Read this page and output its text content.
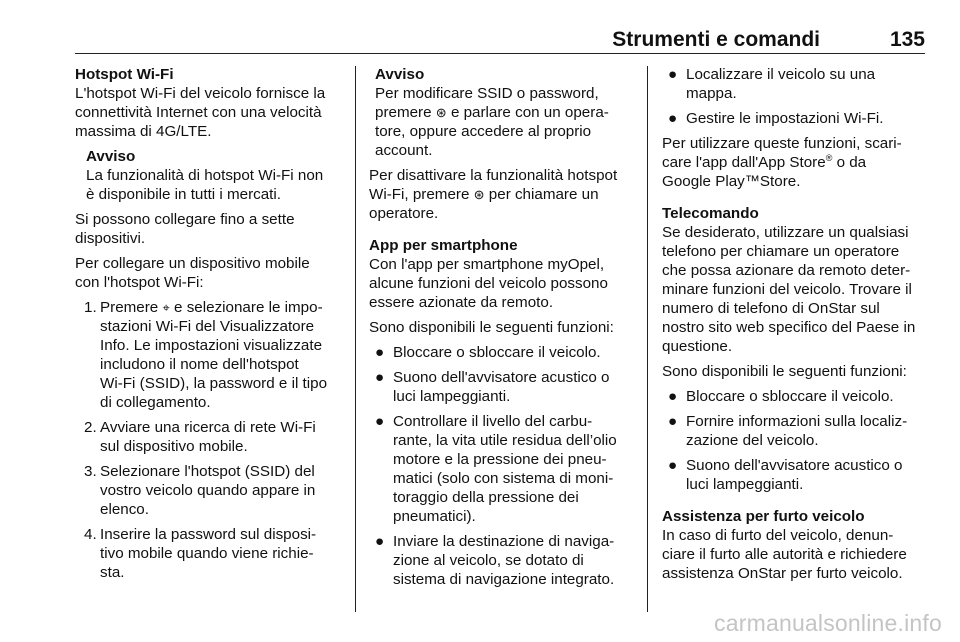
Strumenti e comandi	135

Hotspot Wi-Fi

L'hotspot Wi-Fi del veicolo fornisce la

connettività Internet con una velocità

massima di 4G/LTE.

Avviso

La funzionalità di hotspot Wi-Fi non

è disponibile in tutti i mercati.

Si possono collegare fino a sette

dispositivi.

Per collegare un dispositivo mobile

con l'hotspot Wi-Fi:

1. Premere ⌖ e selezionare le impo-

stazioni Wi-Fi del Visualizzatore

Info. Le impostazioni visualizzate

includono il nome dell'hotspot

Wi-Fi (SSID), la password e il tipo

di collegamento.

2. Avviare una ricerca di rete Wi-Fi

sul dispositivo mobile.

3. Selezionare l'hotspot (SSID) del

vostro veicolo quando appare in

elenco.

4. Inserire la password sul disposi-

tivo mobile quando viene richie-

sta.

Avviso

Per modificare SSID o password,

premere ⊛ e parlare con un opera-

tore, oppure accedere al proprio

account.

Per disattivare la funzionalità hotspot

Wi-Fi, premere ⊛ per chiamare un

operatore.

App per smartphone

Con l'app per smartphone myOpel,

alcune funzioni del veicolo possono

essere azionate da remoto.

Sono disponibili le seguenti funzioni:

● Bloccare o sbloccare il veicolo.

● Suono dell'avvisatore acustico o

luci lampeggianti.

● Controllare il livello del carbu-

rante, la vita utile residua dell’olio

motore e la pressione dei pneu-

matici (solo con sistema di moni-

toraggio della pressione dei

pneumatici).

● Inviare la destinazione di naviga-

zione al veicolo, se dotato di

sistema di navigazione integrato.

● Localizzare il veicolo su una

mappa.

● Gestire le impostazioni Wi-Fi.

Per utilizzare queste funzioni, scari-

care l'app dall'App Store® o da

Google Play™Store.

Telecomando

Se desiderato, utilizzare un qualsiasi

telefono per chiamare un operatore

che possa azionare da remoto deter-

minare funzioni del veicolo. Trovare il

numero di telefono di OnStar sul

nostro sito web specifico del Paese in

questione.

Sono disponibili le seguenti funzioni:

● Bloccare o sbloccare il veicolo.

● Fornire informazioni sulla localiz-

zazione del veicolo.

● Suono dell'avvisatore acustico o

luci lampeggianti.

Assistenza per furto veicolo

In caso di furto del veicolo, denun-

ciare il furto alle autorità e richiedere

assistenza OnStar per furto veicolo.

carmanualsonline.info
